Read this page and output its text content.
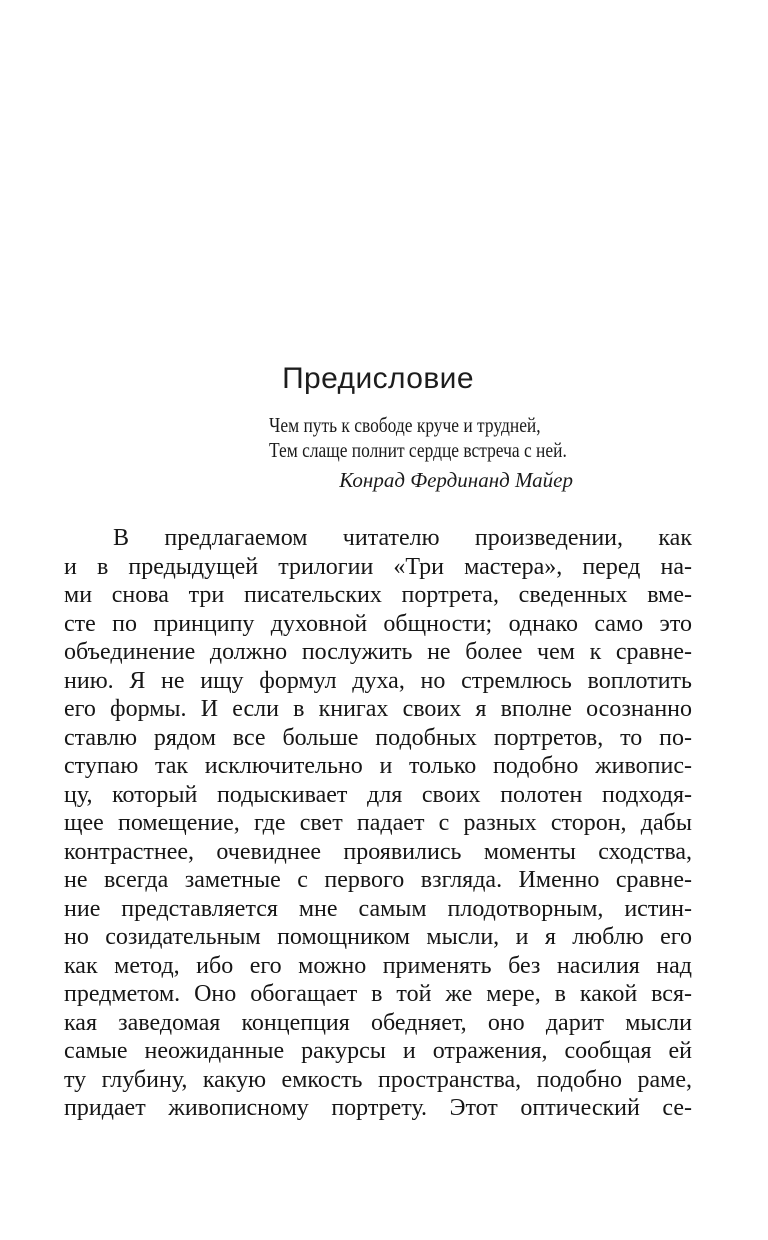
Предисловие
Чем путь к свободе круче и трудней,
Тем слаще полнит сердце встреча с ней.
Конрад Фердинанд Майер
В предлагаемом читателю произведении, как
и в предыдущей трилогии «Три мастера», перед на-
ми снова три писательских портрета, сведенных вме-
сте по принципу духовной общности; однако само это
объединение должно послужить не более чем к сравне-
нию. Я не ищу формул духа, но стремлюсь воплотить
его формы. И если в книгах своих я вполне осознанно
ставлю рядом все больше подобных портретов, то по-
ступаю так исключительно и только подобно живопис-
цу, который подыскивает для своих полотен подходя-
щее помещение, где свет падает с разных сторон, дабы
контрастнее, очевиднее проявились моменты сходства,
не всегда заметные с первого взгляда. Именно сравне-
ние представляется мне самым плодотворным, истин-
но созидательным помощником мысли, и я люблю его
как метод, ибо его можно применять без насилия над
предметом. Оно обогащает в той же мере, в какой вся-
кая заведомая концепция обедняет, оно дарит мысли
самые неожиданные ракурсы и отражения, сообщая ей
ту глубину, какую емкость пространства, подобно раме,
придает живописному портрету. Этот оптический се-
